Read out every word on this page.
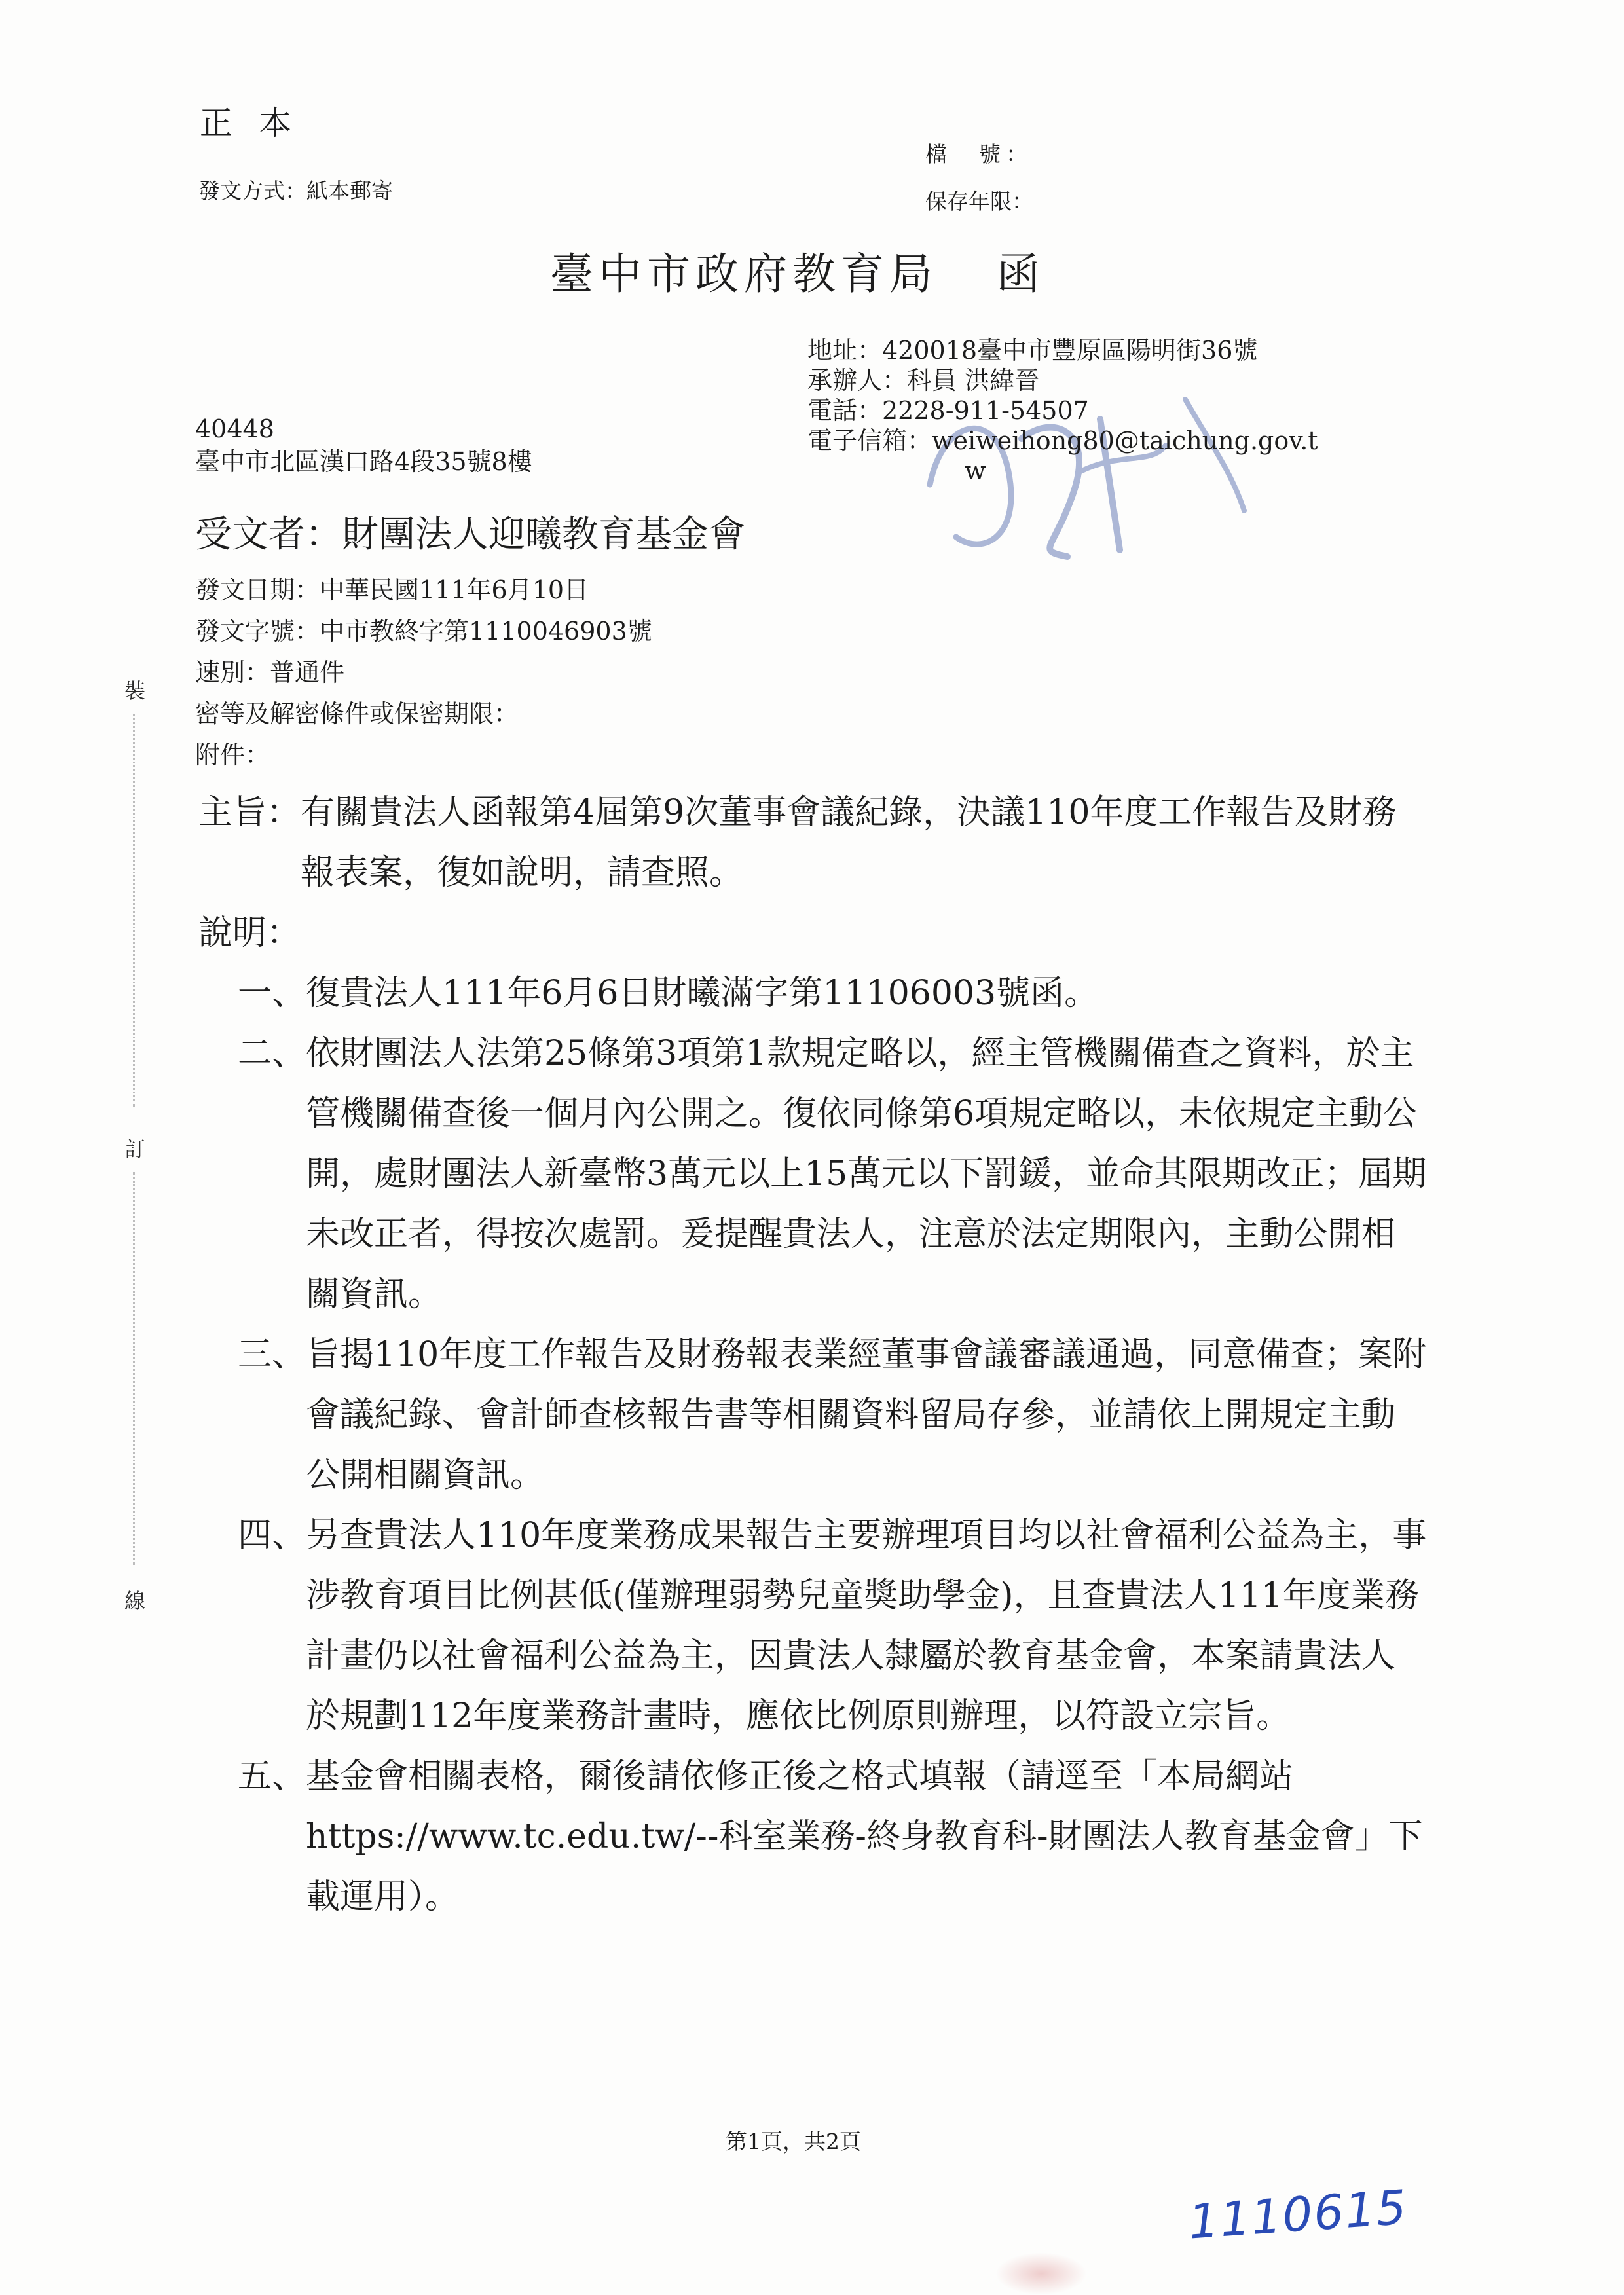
正本
發文方式：紙本郵寄
檔　號：
保存年限：
臺中市政府教育局 函
地址：420018臺中市豐原區陽明街36號
承辦人：科員 洪緯晉
電話：2228-911-54507
電子信箱：weiweihong80@taichung.gov.t
w
40448
臺中市北區漢口路4段35號8樓
受文者：財團法人迎曦教育基金會
發文日期：中華民國111年6月10日
發文字號：中市教終字第1110046903號
速別：普通件
密等及解密條件或保密期限：
附件：
主旨： 有關貴法人函報第4屆第9次董事會議紀錄，決議110年度工作報告及財務報表案，復如說明，請查照。
說明：
一、 復貴法人111年6月6日財曦滿字第11106003號函。
二、 依財團法人法第25條第3項第1款規定略以，經主管機關備查之資料，於主管機關備查後一個月內公開之。復依同條第6項規定略以，未依規定主動公開，處財團法人新臺幣3萬元以上15萬元以下罰鍰，並命其限期改正；屆期未改正者，得按次處罰。爰提醒貴法人，注意於法定期限內，主動公開相關資訊。
三、 旨揭110年度工作報告及財務報表業經董事會議審議通過，同意備查；案附會議紀錄、會計師查核報告書等相關資料留局存參，並請依上開規定主動公開相關資訊。
四、 另查貴法人110年度業務成果報告主要辦理項目均以社會福利公益為主，事涉教育項目比例甚低(僅辦理弱勢兒童獎助學金)，且查貴法人111年度業務計畫仍以社會福利公益為主，因貴法人隸屬於教育基金會，本案請貴法人於規劃112年度業務計畫時，應依比例原則辦理，以符設立宗旨。
五、 基金會相關表格，爾後請依修正後之格式填報（請逕至「本局網站 https://www.tc.edu.tw/--科室業務-終身教育科-財團法人教育基金會」下載運用）。
裝
訂
線
第1頁，共2頁
1110615
